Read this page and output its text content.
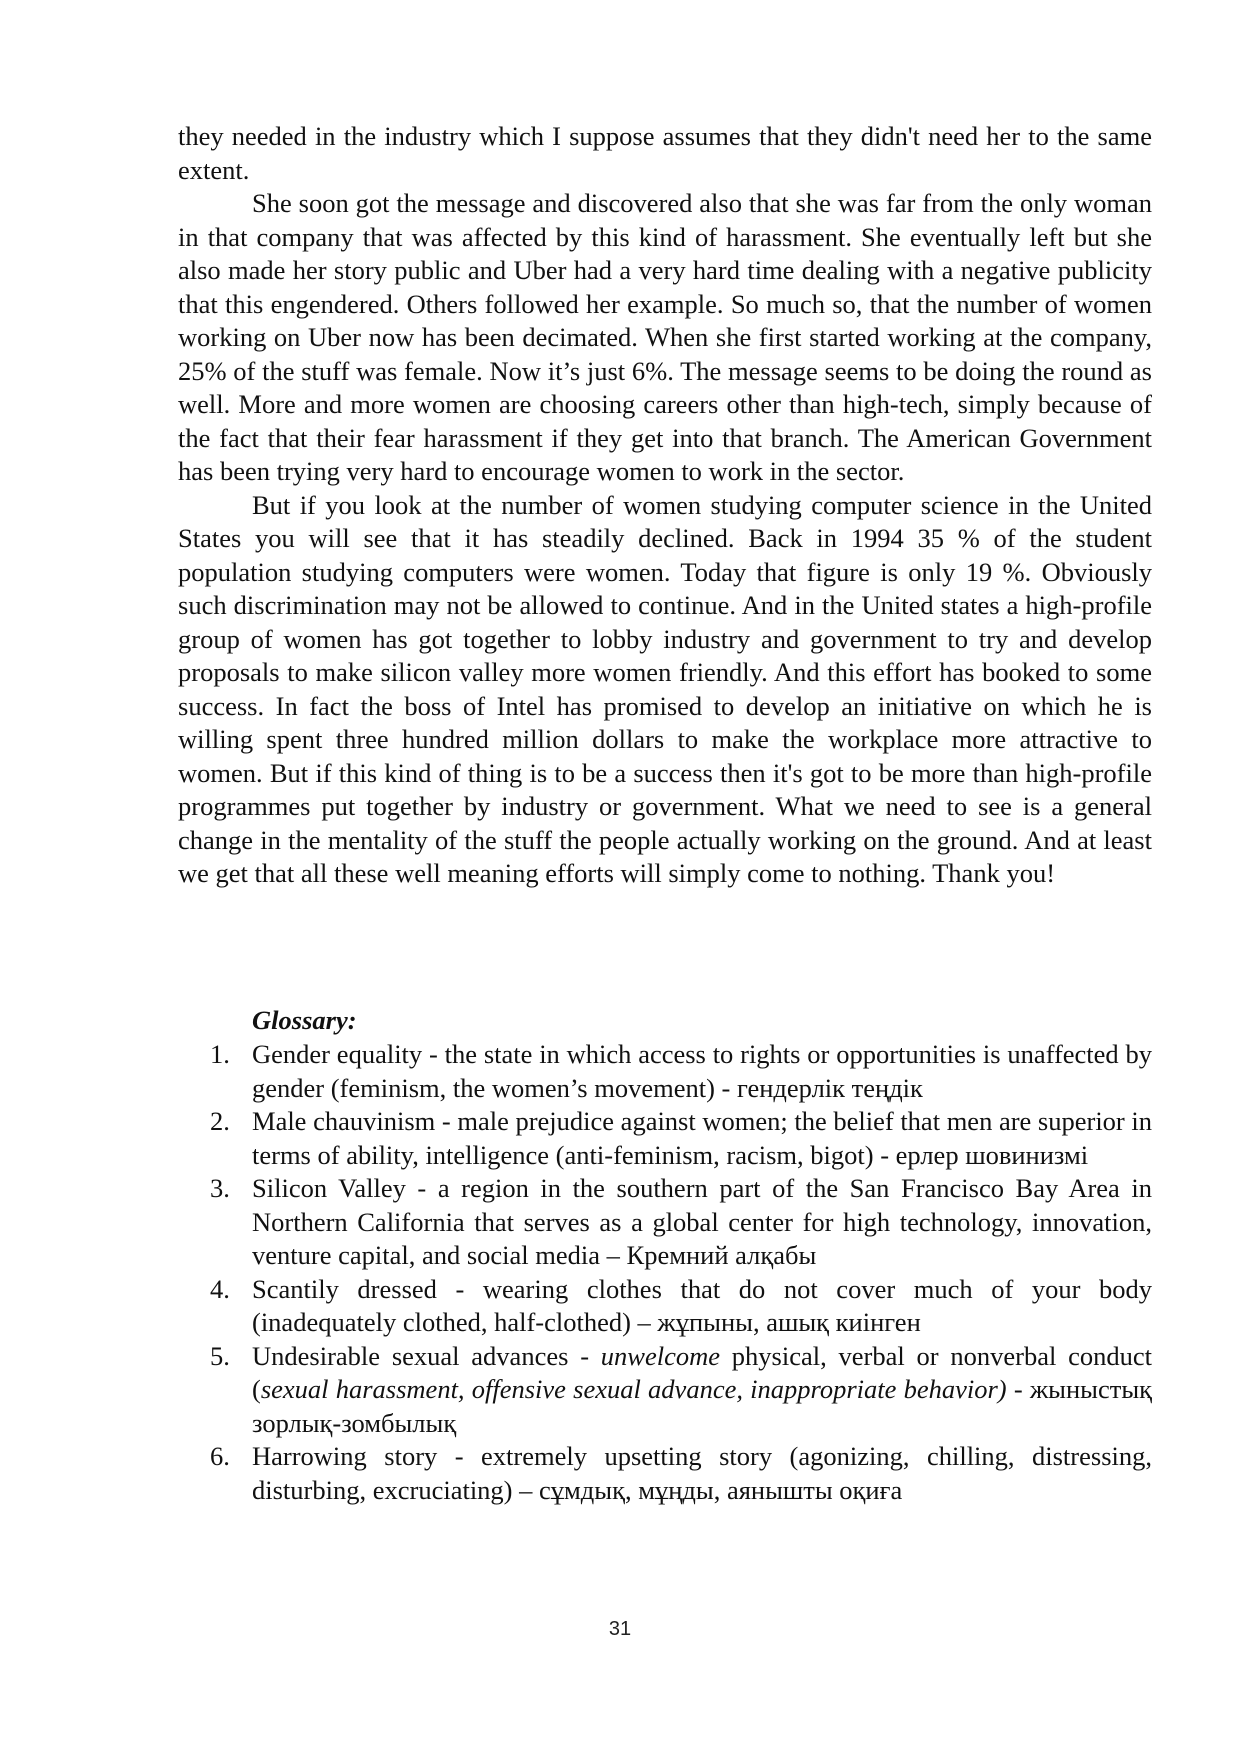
they needed in the industry which I suppose assumes that they didn't need her to the same extent.

She soon got the message and discovered also that she was far from the only woman in that company that was affected by this kind of harassment. She eventually left but she also made her story public and Uber had a very hard time dealing with a negative publicity that this engendered. Others followed her example. So much so, that the number of women working on Uber now has been decimated. When she first started working at the company, 25% of the stuff was female. Now it’s just 6%. The message seems to be doing the round as well. More and more women are choosing careers other than high-tech, simply because of the fact that their fear harassment if they get into that branch. The American Government has been trying very hard to encourage women to work in the sector.

But if you look at the number of women studying computer science in the United States you will see that it has steadily declined. Back in 1994 35 % of the student population studying computers were women. Today that figure is only 19 %. Obviously such discrimination may not be allowed to continue. And in the United states a high-profile group of women has got together to lobby industry and government to try and develop proposals to make silicon valley more women friendly. And this effort has booked to some success. In fact the boss of Intel has promised to develop an initiative on which he is willing spent three hundred million dollars to make the workplace more attractive to women. But if this kind of thing is to be a success then it's got to be more than high-profile programmes put together by industry or government. What we need to see is a general change in the mentality of the stuff the people actually working on the ground. And at least we get that all these well meaning efforts will simply come to nothing. Thank you!

Glossary:
1. Gender equality - the state in which access to rights or opportunities is unaffected by gender (feminism, the women’s movement) - гендерлік теңдік
2. Male chauvinism - male prejudice against women; the belief that men are superior in terms of ability, intelligence (anti-feminism, racism, bigot) - ерлер шовинизмі
3. Silicon Valley - a region in the southern part of the San Francisco Bay Area in Northern California that serves as a global center for high technology, innovation, venture capital, and social media – Кремний алқабы
4. Scantily dressed - wearing clothes that do not cover much of your body (inadequately clothed, half-clothed) – жұпыны, ашық киінген
5. Undesirable sexual advances - unwelcome physical, verbal or nonverbal conduct (sexual harassment, offensive sexual advance, inappropriate behavior) - жыныстық зорлық-зомбылық
6. Harrowing story - extremely upsetting story (agonizing, chilling, distressing, disturbing, excruciating) – сұмдық, мұңды, аянышты оқиға
31
